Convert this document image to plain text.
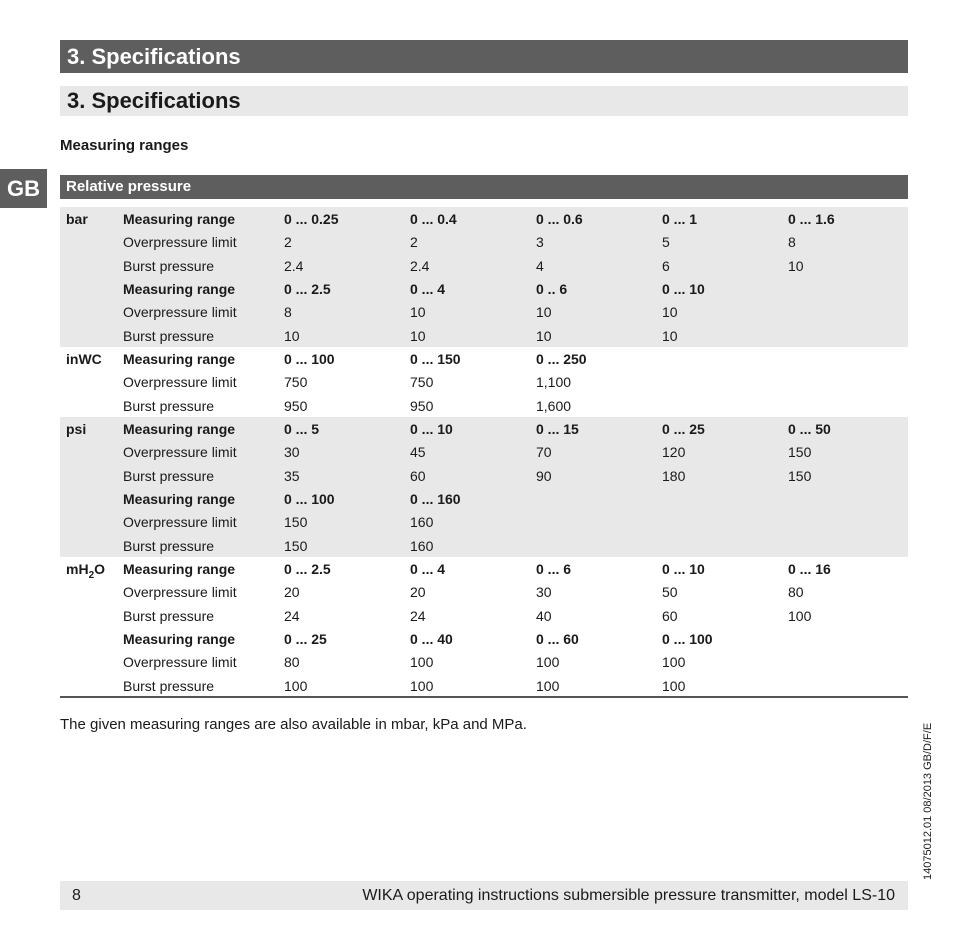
3. Specifications
3. Specifications
Measuring ranges
GB	Relative pressure
bar	Measuring range	0 ... 0.25	0 ... 0.4	0 ... 0.6	0 ... 1	0 ... 1.6
Overpressure limit	2	2	3	5	8
Burst pressure	2.4	2.4	4	6	10
Measuring range	0 ... 2.5	0 ... 4	0 .. 6	0 ... 10
Overpressure limit	8	10	10	10
Burst pressure	10	10	10	10
inWC Measuring range	0 ... 100	0 ... 150	0 ... 250
Overpressure limit	750	750	1,100
Burst pressure	950	950	1,600
psi	Measuring range	0 ... 5	0 ... 10	0 ... 15	0 ... 25	0 ... 50
Overpressure limit	30	45	70	120	150
Burst pressure	35	60	90	180	150
Measuring range	0 ... 100	0 ... 160
Overpressure limit	150	160
Burst pressure	150	160
$mH_2O$ Measuring range	0 ... 2.5	0 ... 4	0 ... 6	0 ... 10	0 ... 16
Overpressure limit	20	20	30	50	80
Burst pressure	24	24	40	60	100
Measuring range	0 ... 25	0 ... 40	0 ... 60	0 ... 100
Overpressure limit	80	100	100	100
Burst pressure	100	100	100	100
The given measuring ranges are also available in mbar, kPa and MPa.	14075012.01 08/2013 GB/D/F/E
8	WIKA operating instructions submersible pressure transmitter, model LS-10
